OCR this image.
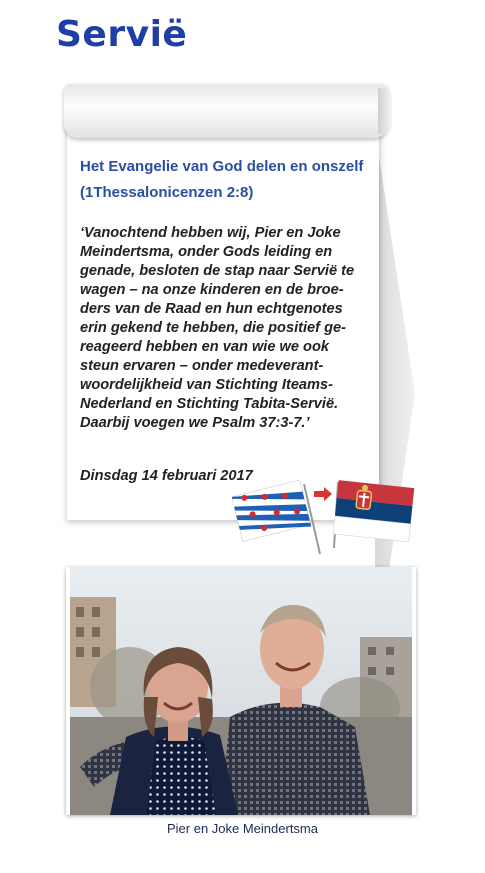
Servië
Het Evangelie van God delen en onszelf
(1Thessalonicenzen 2:8)
‘Vanochtend hebben wij, Pier en Joke
Meindertsma, onder Gods leiding en
genade, besloten de stap naar Servië te
wagen – na onze kinderen en de broe-
ders van de Raad en hun echtgenotes
erin gekend te hebben, die positief ge-
reageerd hebben en van wie we ook
steun ervaren – onder medeverant-
woordelijkheid van Stichting Iteams-
Nederland en Stichting Tabita-Servië.
Daarbij voegen we Psalm 37:3-7.’
Dinsdag 14 februari 2017
Pier en Joke Meindertsma
